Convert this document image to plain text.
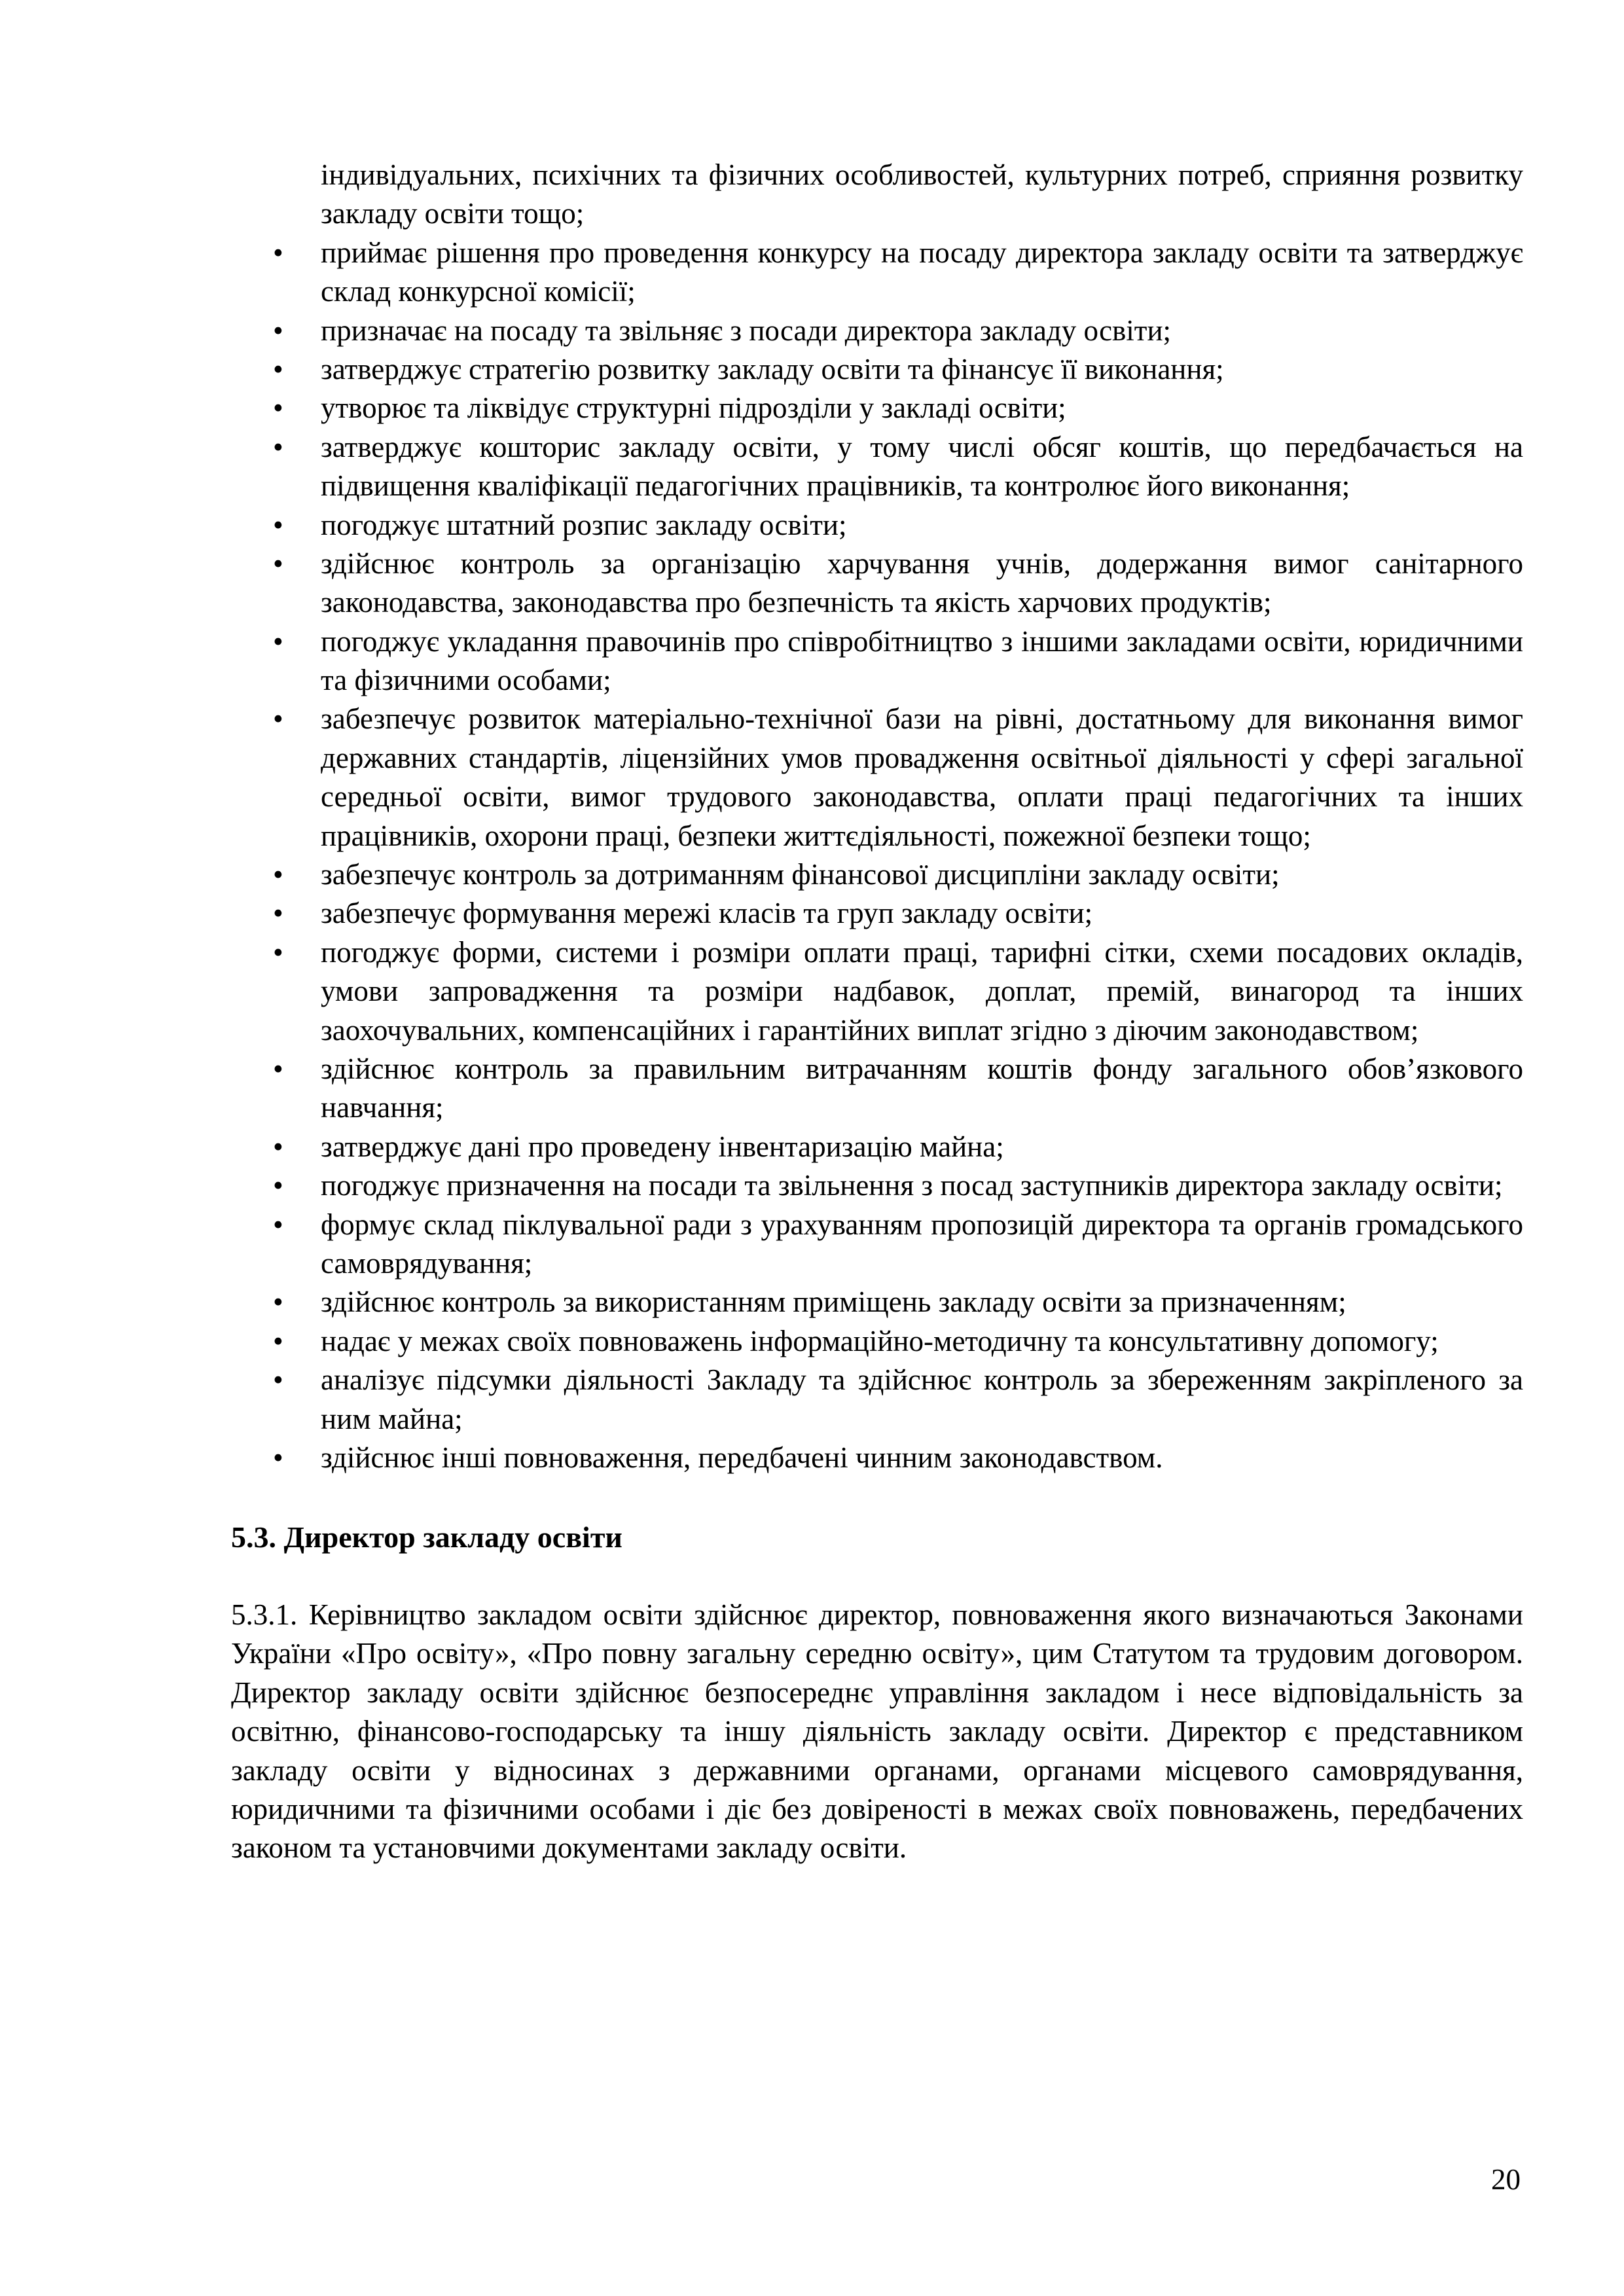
індивідуальних, психічних та фізичних особливостей, культурних потреб, сприяння розвитку закладу освіти тощо;

• приймає рішення про проведення конкурсу на посаду директора закладу освіти та затверджує склад конкурсної комісії;
• призначає на посаду та звільняє з посади директора закладу освіти;
• затверджує стратегію розвитку закладу освіти та фінансує її виконання;
• утворює та ліквідує структурні підрозділи у закладі освіти;
• затверджує кошторис закладу освіти, у тому числі обсяг коштів, що передбачається на підвищення кваліфікації педагогічних працівників, та контролює його виконання;
• погоджує штатний розпис закладу освіти;
• здійснює контроль за організацію харчування учнів, додержання вимог санітарного законодавства, законодавства про безпечність та якість харчових продуктів;
• погоджує укладання правочинів про співробітництво з іншими закладами освіти, юридичними та фізичними особами;
• забезпечує розвиток матеріально-технічної бази на рівні, достатньому для виконання вимог державних стандартів, ліцензійних умов провадження освітньої діяльності у сфері загальної середньої освіти, вимог трудового законодавства, оплати праці педагогічних та інших працівників, охорони праці, безпеки життєдіяльності, пожежної безпеки тощо;
• забезпечує контроль за дотриманням фінансової дисципліни закладу освіти;
• забезпечує формування мережі класів та груп закладу освіти;
• погоджує форми, системи і розміри оплати праці, тарифні сітки, схеми посадових окладів, умови запровадження та розміри надбавок, доплат, премій, винагород та інших заохочувальних, компенсаційних і гарантійних виплат згідно з діючим законодавством;
• здійснює контроль за правильним витрачанням коштів фонду загального обов’язкового навчання;
• затверджує дані про проведену інвентаризацію майна;
• погоджує призначення на посади та звільнення з посад заступників директора закладу освіти;
• формує склад піклувальної ради з урахуванням пропозицій директора та органів громадського самоврядування;
• здійснює контроль за використанням приміщень закладу освіти за призначенням;
• надає у межах своїх повноважень інформаційно-методичну та консультативну допомогу;
• аналізує підсумки діяльності Закладу та здійснює контроль за збереженням закріпленого за ним майна;
• здійснює інші повноваження, передбачені чинним законодавством.
5.3. Директор закладу освіти

5.3.1. Керівництво закладом освіти здійснює директор, повноваження якого визначаються Законами України «Про освіту», «Про повну загальну середню освіту», цим Статутом та трудовим договором. Директор закладу освіти здійснює безпосереднє управління закладом і несе відповідальність за освітню, фінансово-господарську та іншу діяльність закладу освіти. Директор є представником закладу освіти у відносинах з державними органами, органами місцевого самоврядування, юридичними та фізичними особами і діє без довіреності в межах своїх повноважень, передбачених законом та установчими документами закладу освіти.

20
